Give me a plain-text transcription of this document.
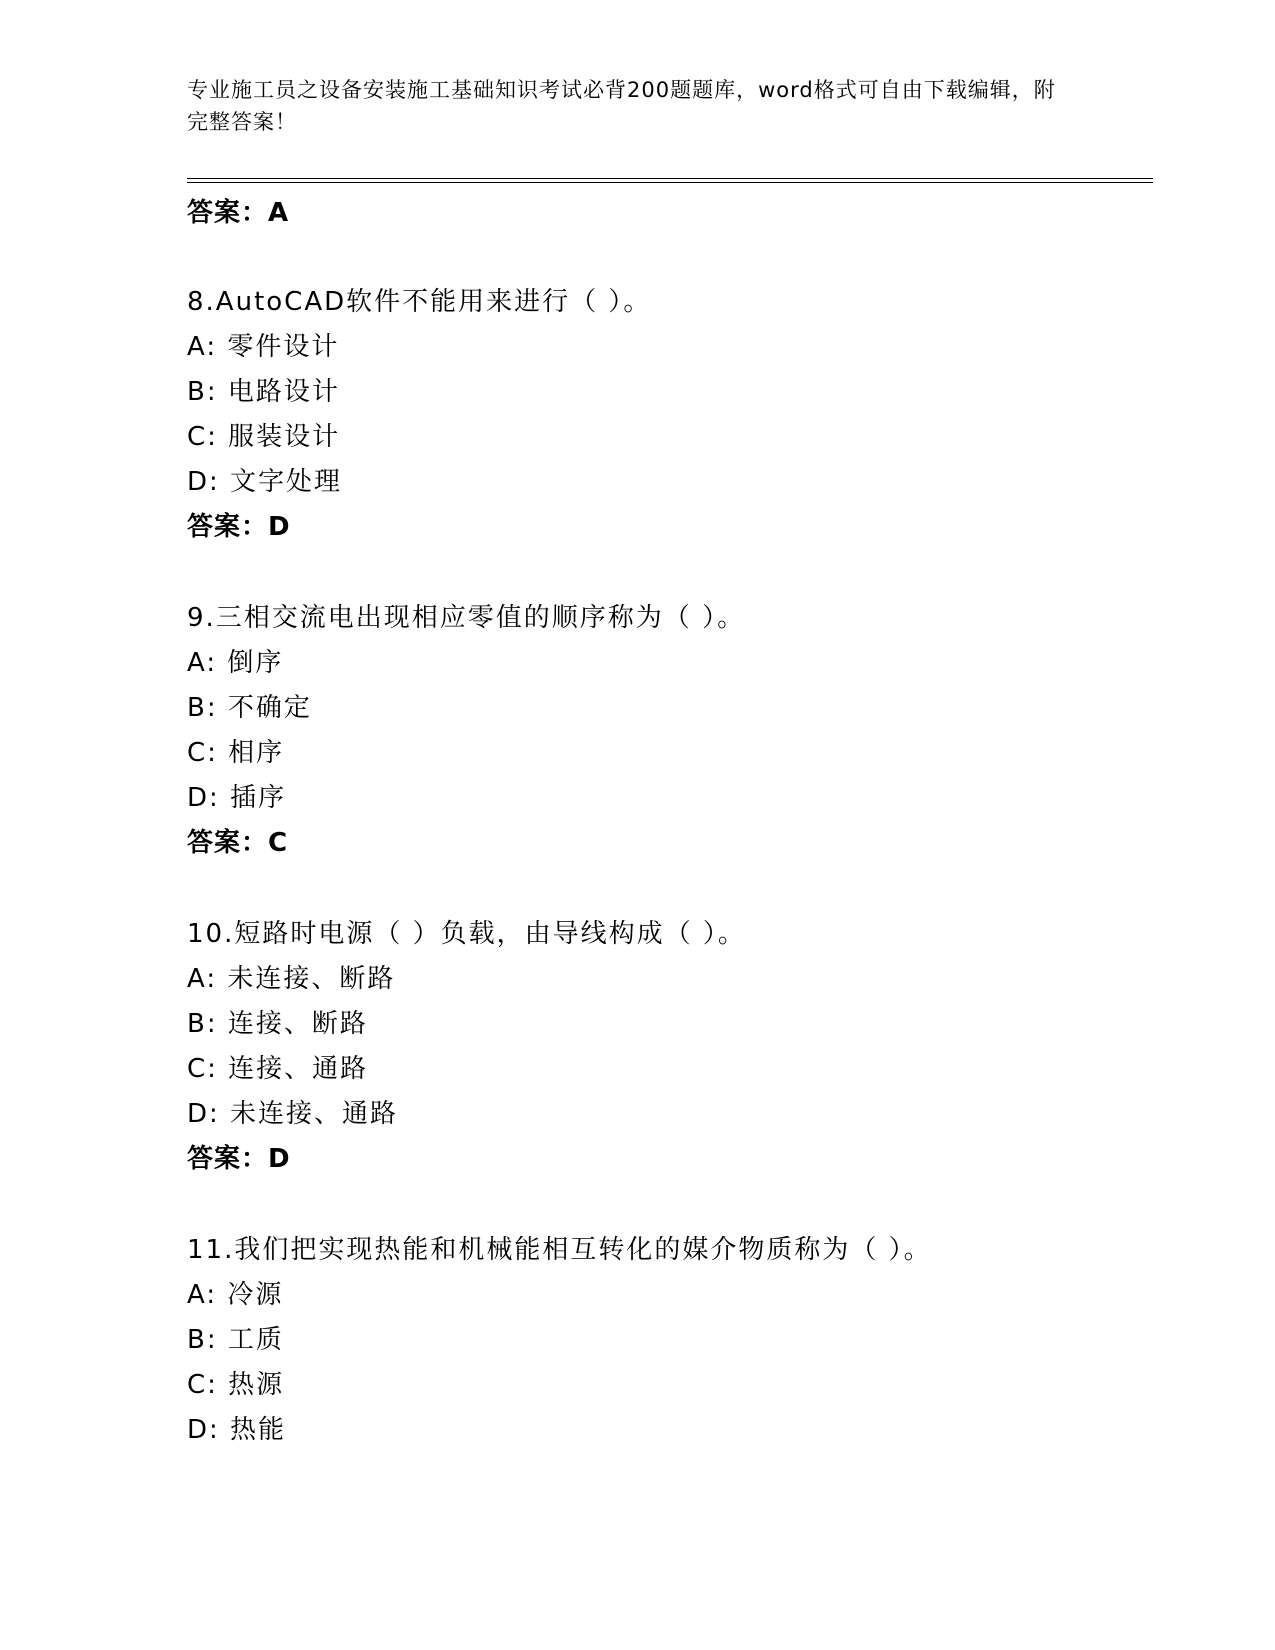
专业施工员之设备安装施工基础知识考试必背200题题库，word格式可自由下载编辑，附完整答案！
答案：A
8.AutoCAD软件不能用来进行（ ）。
A: 零件设计
B: 电路设计
C: 服装设计
D: 文字处理
答案：D
9.三相交流电出现相应零值的顺序称为（ ）。
A: 倒序
B: 不确定
C: 相序
D: 插序
答案：C
10.短路时电源（ ）负载，由导线构成（ ）。
A: 未连接、断路
B: 连接、断路
C: 连接、通路
D: 未连接、通路
答案：D
11.我们把实现热能和机械能相互转化的媒介物质称为（ ）。
A: 冷源
B: 工质
C: 热源
D: 热能
